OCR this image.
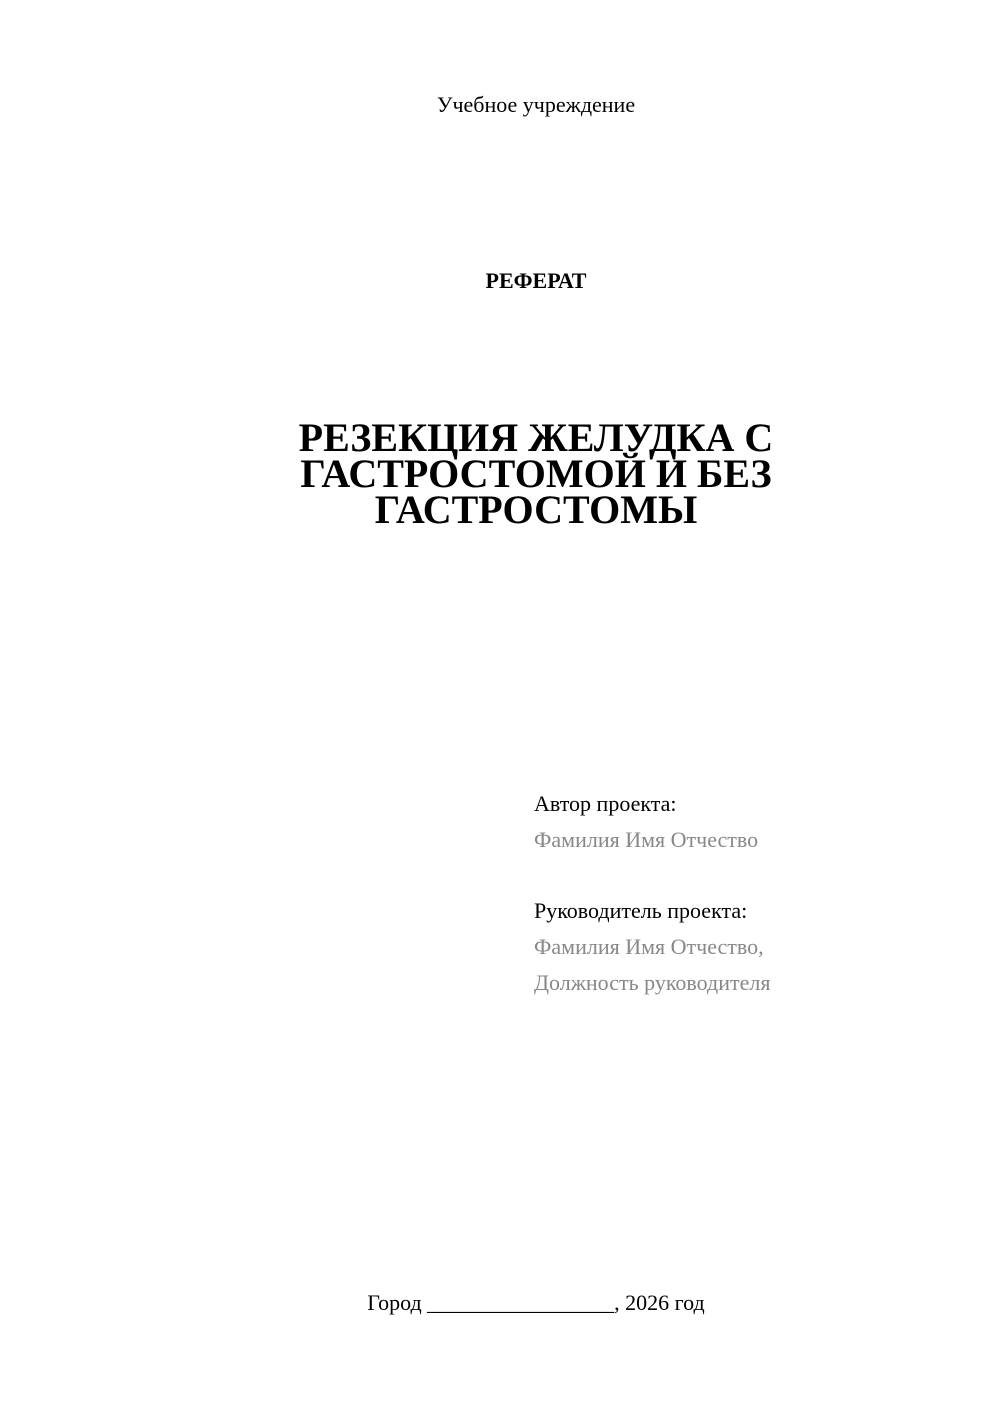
Учебное учреждение
РЕФЕРАТ
РЕЗЕКЦИЯ ЖЕЛУДКА С
ГАСТРОСТОМОЙ И БЕЗ
ГАСТРОСТОМЫ
Автор проекта:
Фамилия Имя Отчество
Руководитель проекта:
Фамилия Имя Отчество,
Должность руководителя
Город _________________, 2026 год
